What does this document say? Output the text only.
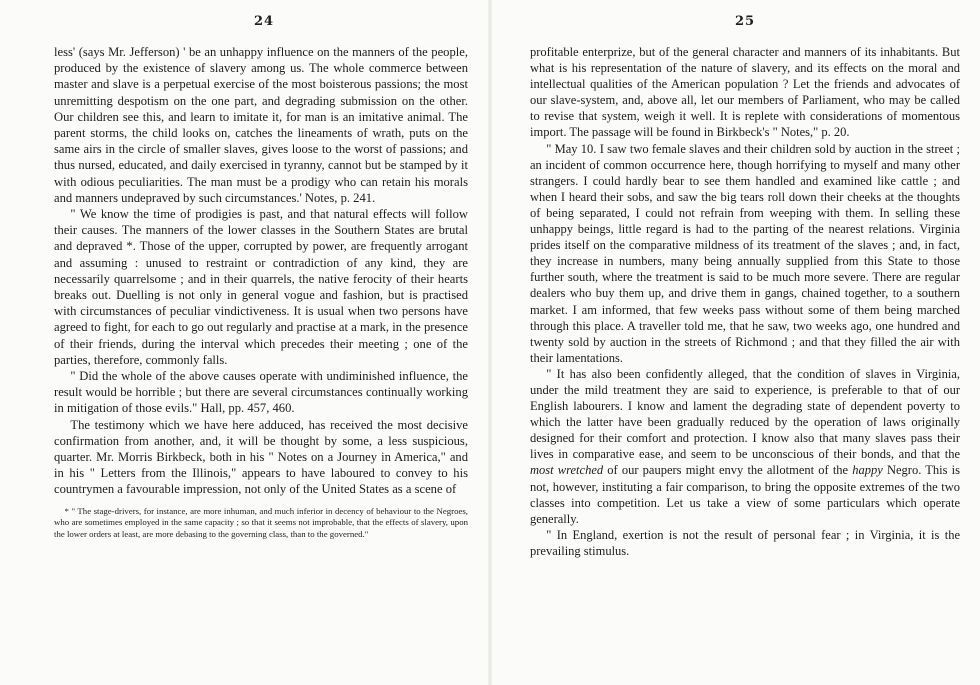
24

less' (says Mr. Jefferson) ' be an unhappy influence on the manners of the people, produced by the existence of slavery among us. The whole commerce between master and slave is a perpetual exercise of the most boisterous passions; the most unremitting despotism on the one part, and degrading submission on the other. Our children see this, and learn to imitate it, for man is an imitative animal. The parent storms, the child looks on, catches the lineaments of wrath, puts on the same airs in the circle of smaller slaves, gives loose to the worst of passions; and thus nursed, educated, and daily exercised in tyranny, cannot but be stamped by it with odious peculiarities. The man must be a prodigy who can retain his morals and manners undepraved by such circumstances.' Notes, p. 241.

" We know the time of prodigies is past, and that natural effects will follow their causes. The manners of the lower classes in the Southern States are brutal and depraved *. Those of the upper, corrupted by power, are frequently arrogant and assuming : unused to restraint or contradiction of any kind, they are necessarily quarrelsome ; and in their quarrels, the native ferocity of their hearts breaks out. Duelling is not only in general vogue and fashion, but is practised with circumstances of peculiar vindictiveness. It is usual when two persons have agreed to fight, for each to go out regularly and practise at a mark, in the presence of their friends, during the interval which precedes their meeting ; one of the parties, therefore, commonly falls.

" Did the whole of the above causes operate with undiminished influence, the result would be horrible ; but there are several circumstances continually working in mitigation of those evils." Hall, pp. 457, 460.

The testimony which we have here adduced, has received the most decisive confirmation from another, and, it will be thought by some, a less suspicious, quarter. Mr. Morris Birkbeck, both in his " Notes on a Journey in America," and in his " Letters from the Illinois," appears to have laboured to convey to his countrymen a favourable impression, not only of the United States as a scene of

* " The stage-drivers, for instance, are more inhuman, and much inferior in decency of behaviour to the Negroes, who are sometimes employed in the same capacity ; so that it seems not improbable, that the effects of slavery, upon the lower orders at least, are more debasing to the governing class, than to the governed."

25

profitable enterprize, but of the general character and manners of its inhabitants. But what is his representation of the nature of slavery, and its effects on the moral and intellectual qualities of the American population ? Let the friends and advocates of our slave-system, and, above all, let our members of Parliament, who may be called to revise that system, weigh it well. It is replete with considerations of momentous import. The passage will be found in Birkbeck's " Notes," p. 20.

" May 10. I saw two female slaves and their children sold by auction in the street ; an incident of common occurrence here, though horrifying to myself and many other strangers. I could hardly bear to see them handled and examined like cattle ; and when I heard their sobs, and saw the big tears roll down their cheeks at the thoughts of being separated, I could not refrain from weeping with them. In selling these unhappy beings, little regard is had to the parting of the nearest relations. Virginia prides itself on the comparative mildness of its treatment of the slaves ; and, in fact, they increase in numbers, many being annually supplied from this State to those further south, where the treatment is said to be much more severe. There are regular dealers who buy them up, and drive them in gangs, chained together, to a southern market. I am informed, that few weeks pass without some of them being marched through this place. A traveller told me, that he saw, two weeks ago, one hundred and twenty sold by auction in the streets of Richmond ; and that they filled the air with their lamentations.

" It has also been confidently alleged, that the condition of slaves in Virginia, under the mild treatment they are said to experience, is preferable to that of our English labourers. I know and lament the degrading state of dependent poverty to which the latter have been gradually reduced by the operation of laws originally designed for their comfort and protection. I know also that many slaves pass their lives in comparative ease, and seem to be unconscious of their bonds, and that the most wretched of our paupers might envy the allotment of the happy Negro. This is not, however, instituting a fair comparison, to bring the opposite extremes of the two classes into competition. Let us take a view of some particulars which operate generally.

" In England, exertion is not the result of personal fear ; in Virginia, it is the prevailing stimulus.
